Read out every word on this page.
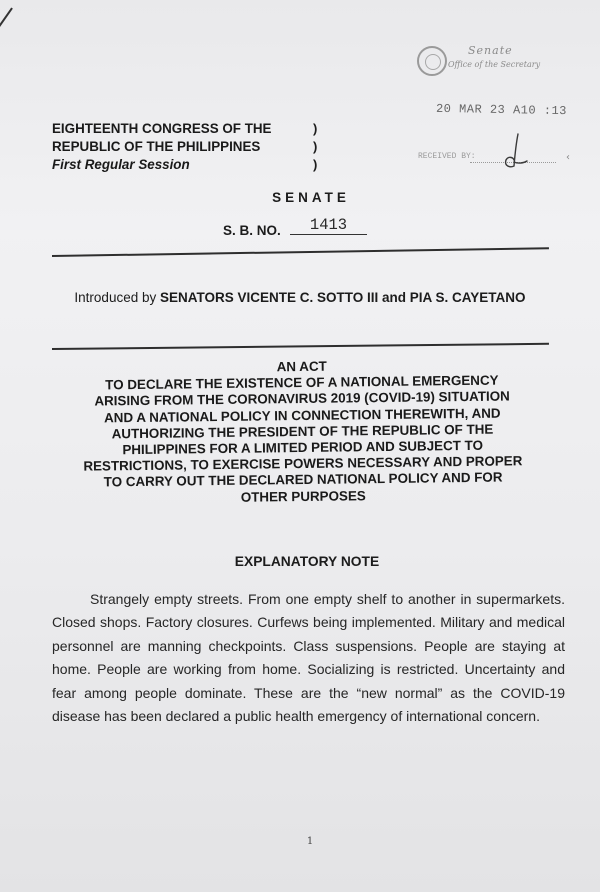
Senate
Office of the Secretary
20 MAR 23 A10 :13
RECEIVED BY:	‹
EIGHTEENTH CONGRESS OF THE
REPUBLIC OF THE PHILIPPINES
First Regular Session
)
)
)
SENATE
S. B. NO.	1413
Introduced by SENATORS VICENTE C. SOTTO III and PIA S. CAYETANO
AN ACT
TO DECLARE THE EXISTENCE OF A NATIONAL EMERGENCY
ARISING FROM THE CORONAVIRUS 2019 (COVID-19) SITUATION
AND A NATIONAL POLICY IN CONNECTION THEREWITH, AND
AUTHORIZING THE PRESIDENT OF THE REPUBLIC OF THE
PHILIPPINES FOR A LIMITED PERIOD AND SUBJECT TO
RESTRICTIONS, TO EXERCISE POWERS NECESSARY AND PROPER
TO CARRY OUT THE DECLARED NATIONAL POLICY AND FOR
OTHER PURPOSES
EXPLANATORY NOTE
Strangely empty streets. From one empty shelf to another in supermarkets. Closed shops. Factory closures. Curfews being implemented. Military and medical personnel are manning checkpoints. Class suspensions. People are staying at home. People are working from home. Socializing is restricted. Uncertainty and fear among people dominate. These are the “new normal” as the COVID-19 disease has been declared a public health emergency of international concern.
1
